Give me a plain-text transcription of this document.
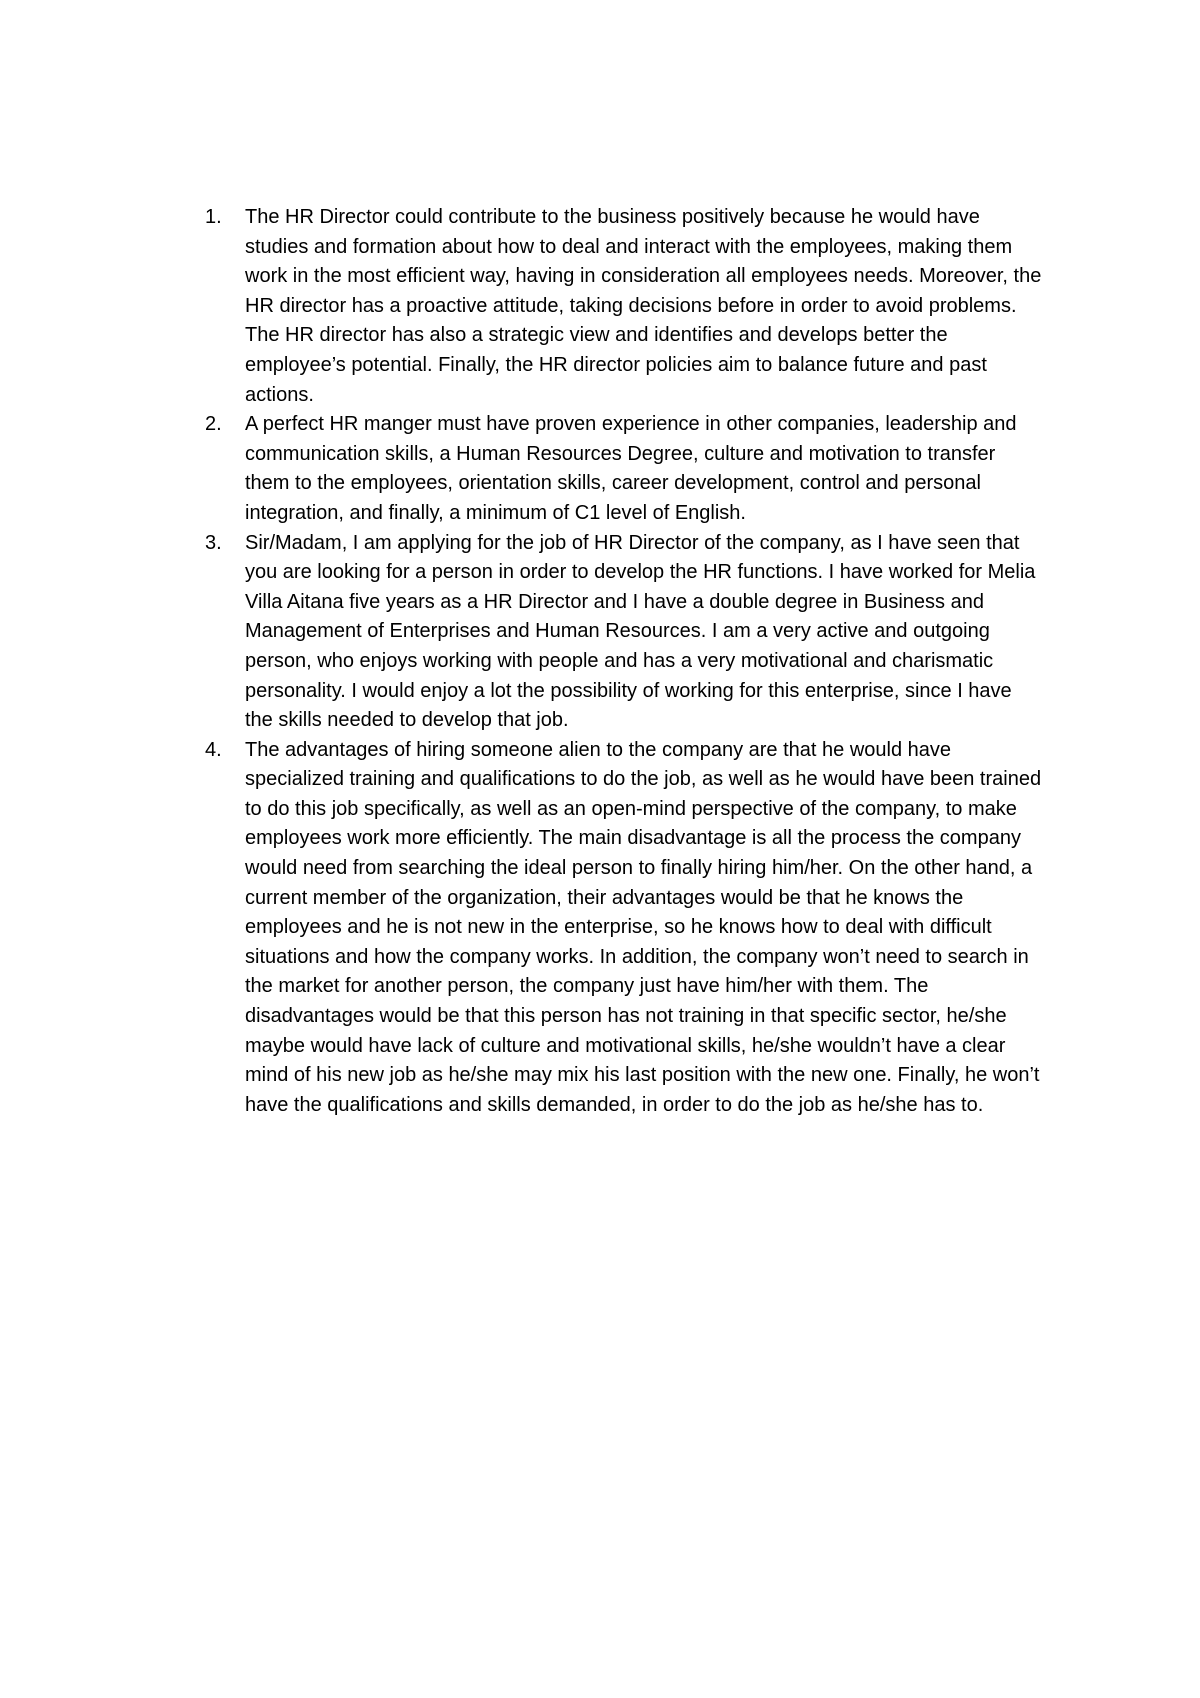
1. The HR Director could contribute to the business positively because he would have studies and formation about how to deal and interact with the employees, making them work in the most efficient way, having in consideration all employees needs. Moreover, the HR director has a proactive attitude, taking decisions before in order to avoid problems. The HR director has also a strategic view and identifies and develops better the employee’s potential. Finally, the HR director policies aim to balance future and past actions.
2. A perfect HR manger must have proven experience in other companies, leadership and communication skills, a Human Resources Degree, culture and motivation to transfer them to the employees, orientation skills, career development, control and personal integration, and finally, a minimum of C1 level of English.
3. Sir/Madam, I am applying for the job of HR Director of the company, as I have seen that you are looking for a person in order to develop the HR functions. I have worked for Melia Villa Aitana five years as a HR Director and I have a double degree in Business and Management of Enterprises and Human Resources. I am a very active and outgoing person, who enjoys working with people and has a very motivational and charismatic personality. I would enjoy a lot the possibility of working for this enterprise, since I have the skills needed to develop that job.
4. The advantages of hiring someone alien to the company are that he would have specialized training and qualifications to do the job, as well as he would have been trained to do this job specifically, as well as an open-mind perspective of the company, to make employees work more efficiently. The main disadvantage is all the process the company would need from searching the ideal person to finally hiring him/her. On the other hand, a current member of the organization, their advantages would be that he knows the employees and he is not new in the enterprise, so he knows how to deal with difficult situations and how the company works. In addition, the company won’t need to search in the market for another person, the company just have him/her with them. The disadvantages would be that this person has not training in that specific sector, he/she maybe would have lack of culture and motivational skills, he/she wouldn’t have a clear mind of his new job as he/she may mix his last position with the new one. Finally, he won’t have the qualifications and skills demanded, in order to do the job as he/she has to.
